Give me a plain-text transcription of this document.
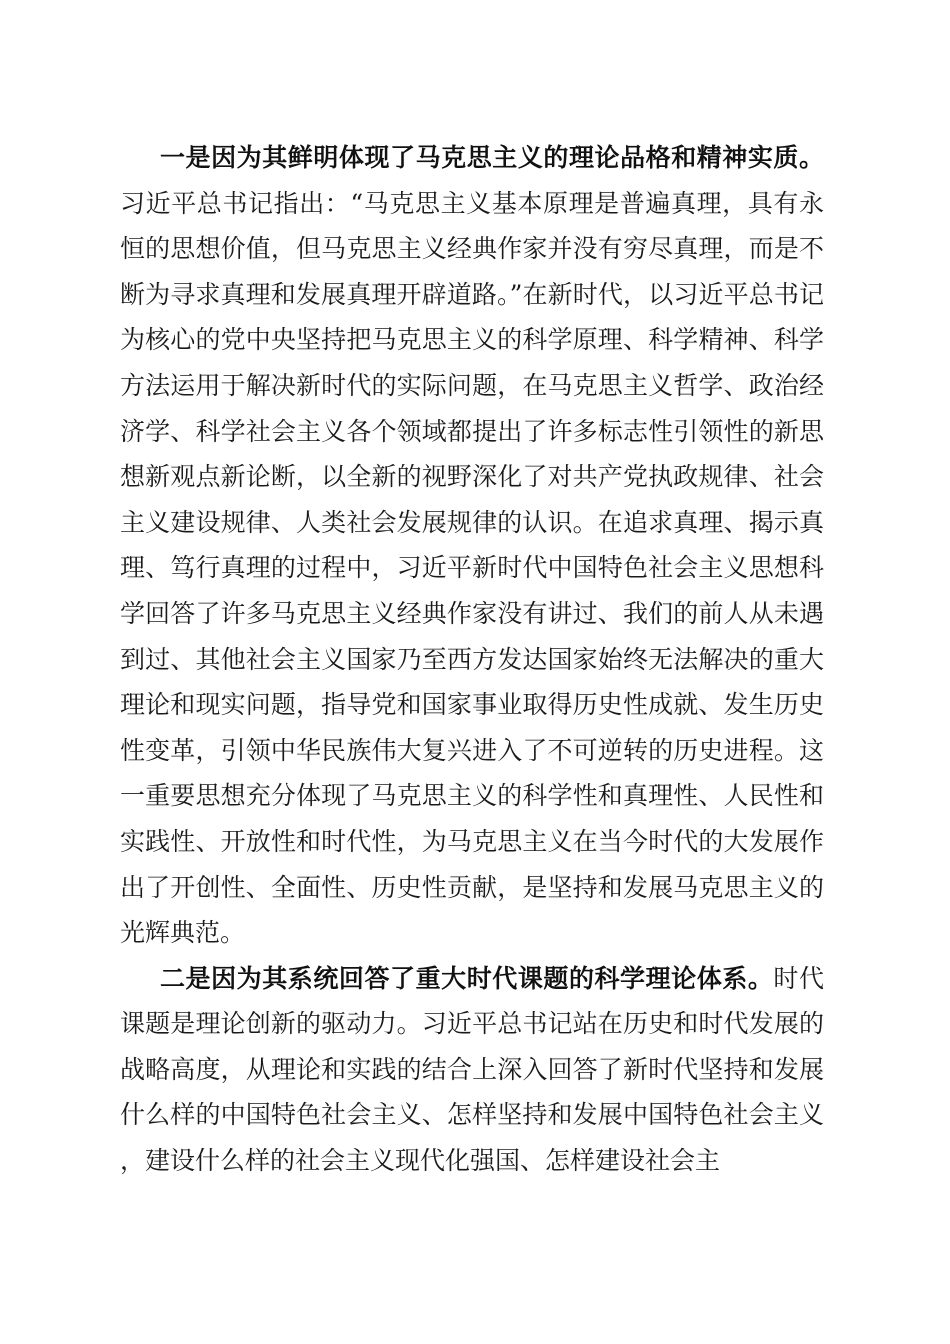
一是因为其鲜明体现了马克思主义的理论品格和精神实质。习近平总书记指出：“马克思主义基本原理是普遍真理，具有永恒的思想价值，但马克思主义经典作家并没有穷尽真理，而是不断为寻求真理和发展真理开辟道路。”在新时代，以习近平总书记为核心的党中央坚持把马克思主义的科学原理、科学精神、科学方法运用于解决新时代的实际问题，在马克思主义哲学、政治经济学、科学社会主义各个领域都提出了许多标志性引领性的新思想新观点新论断，以全新的视野深化了对共产党执政规律、社会主义建设规律、人类社会发展规律的认识。在追求真理、揭示真理、笃行真理的过程中，习近平新时代中国特色社会主义思想科学回答了许多马克思主义经典作家没有讲过、我们的前人从未遇到过、其他社会主义国家乃至西方发达国家始终无法解决的重大理论和现实问题，指导党和国家事业取得历史性成就、发生历史性变革，引领中华民族伟大复兴进入了不可逆转的历史进程。这一重要思想充分体现了马克思主义的科学性和真理性、人民性和实践性、开放性和时代性，为马克思主义在当今时代的大发展作出了开创性、全面性、历史性贡献，是坚持和发展马克思主义的光辉典范。

二是因为其系统回答了重大时代课题的科学理论体系。时代课题是理论创新的驱动力。习近平总书记站在历史和时代发展的战略高度，从理论和实践的结合上深入回答了新时代坚持和发展什么样的中国特色社会主义、怎样坚持和发展中国特色社会主义，建设什么样的社会主义现代化强国、怎样建设社会主
